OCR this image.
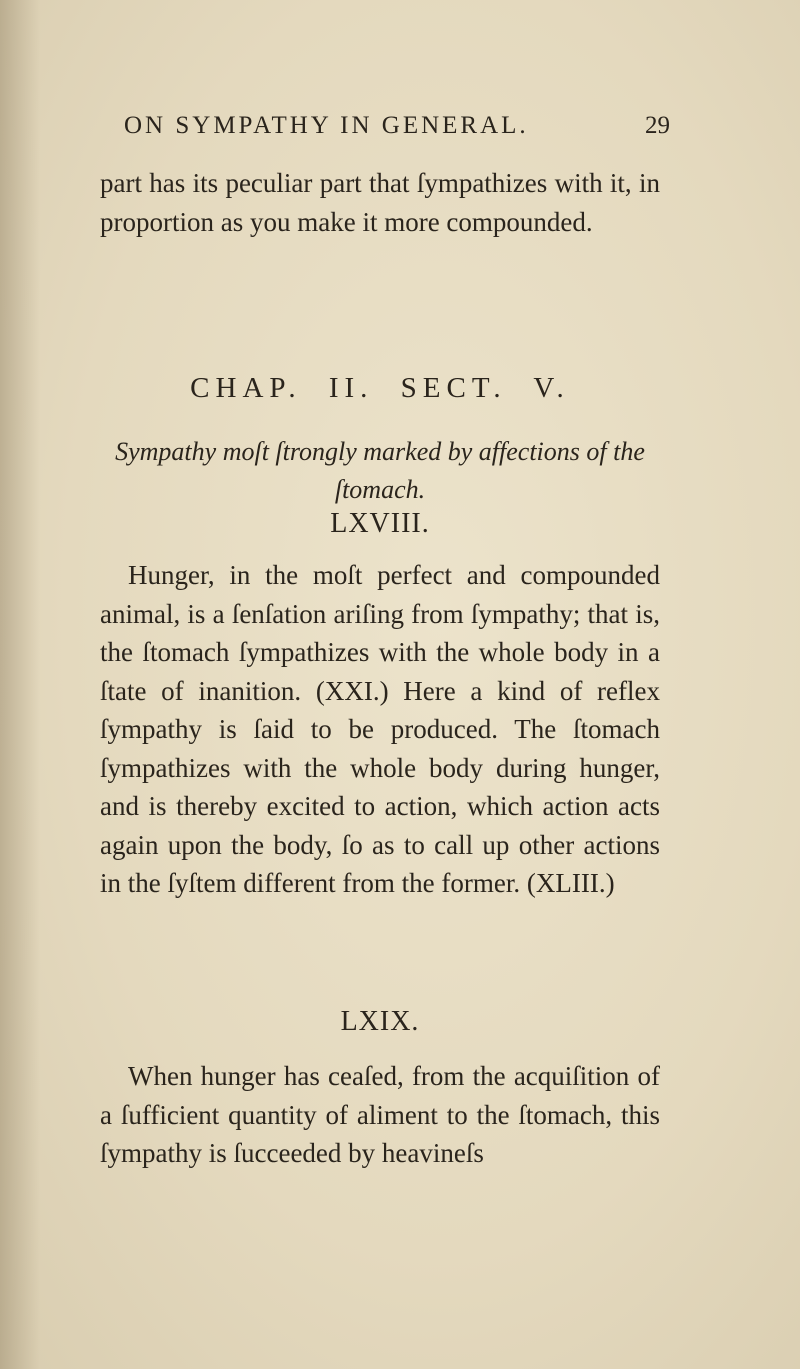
ON SYMPATHY IN GENERAL.	29

part has its peculiar part that ſympathizes with it, in proportion as you make it more compounded.

CHAP. II. SECT. V.

Sympathy moſt ſtrongly marked by affections of the ſtomach.

LXVIII.

Hunger, in the moſt perfect and compounded animal, is a ſenſation ariſing from ſympathy; that is, the ſtomach ſympathizes with the whole body in a ſtate of inanition. (XXI.) Here a kind of reflex ſympathy is ſaid to be produced. The ſtomach ſympathizes with the whole body during hunger, and is thereby excited to action, which action acts again upon the body, ſo as to call up other actions in the ſyſtem different from the former. (XLIII.)

LXIX.

When hunger has ceaſed, from the acquiſition of a ſufficient quantity of aliment to the ſtomach, this ſympathy is ſucceeded by heavineſs
